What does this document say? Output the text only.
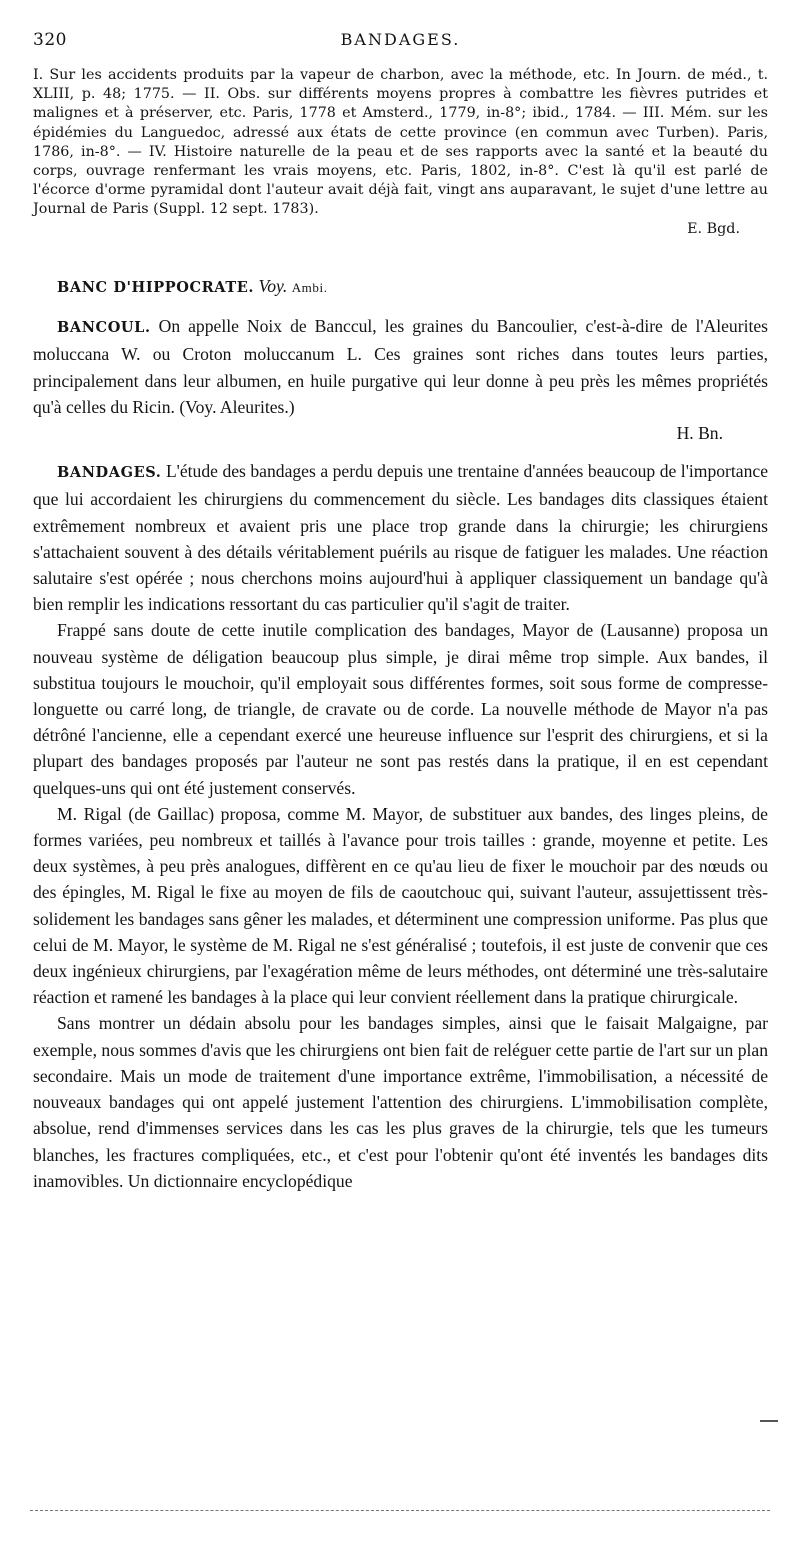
320	BANDAGES.
I. Sur les accidents produits par la vapeur de charbon, avec la méthode, etc. In Journ. de méd., t. XLIII, p. 48; 1775. — II. Obs. sur différents moyens propres à combattre les fièvres putrides et malignes et à préserver, etc. Paris, 1778 et Amsterd., 1779, in-8°; ibid., 1784. — III. Mém. sur les épidémies du Languedoc, adressé aux états de cette province (en commun avec Turben). Paris, 1786, in-8°. — IV. Histoire naturelle de la peau et de ses rapports avec la santé et la beauté du corps, ouvrage renfermant les vrais moyens, etc. Paris, 1802, in-8°. C'est là qu'il est parlé de l'écorce d'orme pyramidal dont l'auteur avait déjà fait, vingt ans auparavant, le sujet d'une lettre au Journal de Paris (Suppl. 12 sept. 1783).
E. Bgd.

BANC D'HIPPOCRATE. Voy. Ambi.

BANCOUL. On appelle Noix de Banccul, les graines du Bancoulier, c'est-à-dire de l'Aleurites moluccana W. ou Croton moluccanum L. Ces graines sont riches dans toutes leurs parties, principalement dans leur albumen, en huile purgative qui leur donne à peu près les mêmes propriétés qu'à celles du Ricin. (Voy. Aleurites.)

H. Bn.

BANDAGES. L'étude des bandages a perdu depuis une trentaine d'années beaucoup de l'importance que lui accordaient les chirurgiens du commencement du siècle. Les bandages dits classiques étaient extrêmement nombreux et avaient pris une place trop grande dans la chirurgie; les chirurgiens s'attachaient souvent à des détails véritablement puérils au risque de fatiguer les malades. Une réaction salutaire s'est opérée ; nous cherchons moins aujourd'hui à appliquer classiquement un bandage qu'à bien remplir les indications ressortant du cas particulier qu'il s'agit de traiter.

Frappé sans doute de cette inutile complication des bandages, Mayor de (Lausanne) proposa un nouveau système de déligation beaucoup plus simple, je dirai même trop simple. Aux bandes, il substitua toujours le mouchoir, qu'il employait sous différentes formes, soit sous forme de compresse-longuette ou carré long, de triangle, de cravate ou de corde. La nouvelle méthode de Mayor n'a pas détrôné l'ancienne, elle a cependant exercé une heureuse influence sur l'esprit des chirurgiens, et si la plupart des bandages proposés par l'auteur ne sont pas restés dans la pratique, il en est cependant quelques-uns qui ont été justement conservés.

M. Rigal (de Gaillac) proposa, comme M. Mayor, de substituer aux bandes, des linges pleins, de formes variées, peu nombreux et taillés à l'avance pour trois tailles : grande, moyenne et petite. Les deux systèmes, à peu près analogues, diffèrent en ce qu'au lieu de fixer le mouchoir par des nœuds ou des épingles, M. Rigal le fixe au moyen de fils de caoutchouc qui, suivant l'auteur, assujettissent très-solidement les bandages sans gêner les malades, et déterminent une compression uniforme. Pas plus que celui de M. Mayor, le système de M. Rigal ne s'est généralisé ; toutefois, il est juste de convenir que ces deux ingénieux chirurgiens, par l'exagération même de leurs méthodes, ont déterminé une très-salutaire réaction et ramené les bandages à la place qui leur convient réellement dans la pratique chirurgicale.

Sans montrer un dédain absolu pour les bandages simples, ainsi que le faisait Malgaigne, par exemple, nous sommes d'avis que les chirurgiens ont bien fait de reléguer cette partie de l'art sur un plan secondaire. Mais un mode de traitement d'une importance extrême, l'immobilisation, a nécessité de nouveaux bandages qui ont appelé justement l'attention des chirurgiens. L'immobilisation complète, absolue, rend d'immenses services dans les cas les plus graves de la chirurgie, tels que les tumeurs blanches, les fractures compliquées, etc., et c'est pour l'obtenir qu'ont été inventés les bandages dits inamovibles. Un dictionnaire encyclopédique
